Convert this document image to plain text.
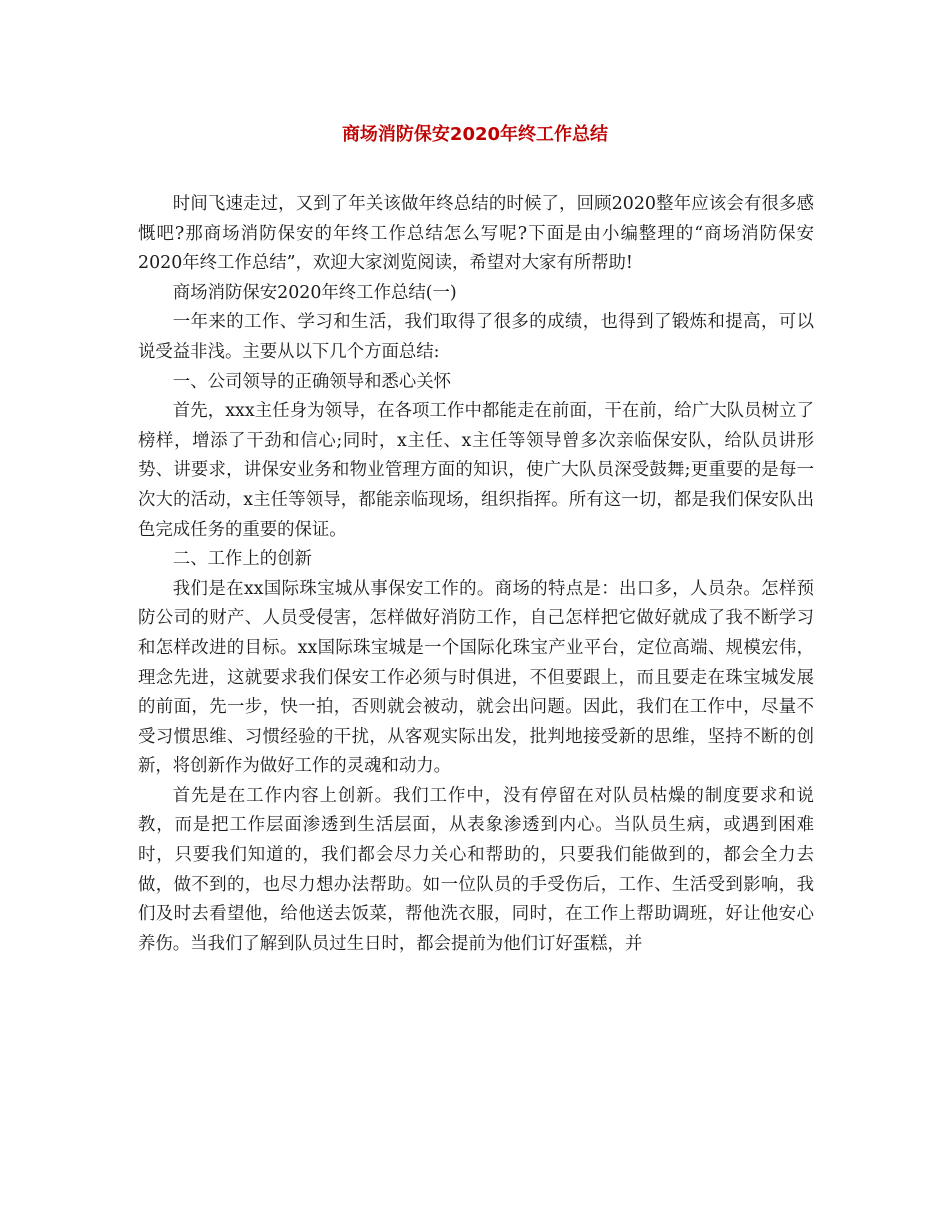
商场消防保安2020年终工作总结

时间飞速走过，又到了年关该做年终总结的时候了，回顾2020整年应该会有很多感慨吧?那商场消防保安的年终工作总结怎么写呢?下面是由小编整理的“商场消防保安2020年终工作总结”，欢迎大家浏览阅读，希望对大家有所帮助!

商场消防保安2020年终工作总结(一)

一年来的工作、学习和生活，我们取得了很多的成绩，也得到了锻炼和提高，可以说受益非浅。主要从以下几个方面总结:

一、公司领导的正确领导和悉心关怀

首先，xxx主任身为领导，在各项工作中都能走在前面，干在前，给广大队员树立了榜样，增添了干劲和信心;同时，x主任、x主任等领导曾多次亲临保安队，给队员讲形势、讲要求，讲保安业务和物业管理方面的知识，使广大队员深受鼓舞;更重要的是每一次大的活动，x主任等领导，都能亲临现场，组织指挥。所有这一切，都是我们保安队出色完成任务的重要的保证。

二、工作上的创新

我们是在xx国际珠宝城从事保安工作的。商场的特点是：出口多，人员杂。怎样预防公司的财产、人员受侵害，怎样做好消防工作，自己怎样把它做好就成了我不断学习和怎样改进的目标。xx国际珠宝城是一个国际化珠宝产业平台，定位高端、规模宏伟，理念先进，这就要求我们保安工作必须与时俱进，不但要跟上，而且要走在珠宝城发展的前面，先一步，快一拍，否则就会被动，就会出问题。因此，我们在工作中，尽量不受习惯思维、习惯经验的干扰，从客观实际出发，批判地接受新的思维，坚持不断的创新，将创新作为做好工作的灵魂和动力。

首先是在工作内容上创新。我们工作中，没有停留在对队员枯燥的制度要求和说教，而是把工作层面渗透到生活层面，从表象渗透到内心。当队员生病，或遇到困难时，只要我们知道的，我们都会尽力关心和帮助的，只要我们能做到的，都会全力去做，做不到的，也尽力想办法帮助。如一位队员的手受伤后，工作、生活受到影响，我们及时去看望他，给他送去饭菜，帮他洗衣服，同时，在工作上帮助调班，好让他安心养伤。当我们了解到队员过生日时，都会提前为他们订好蛋糕，并
